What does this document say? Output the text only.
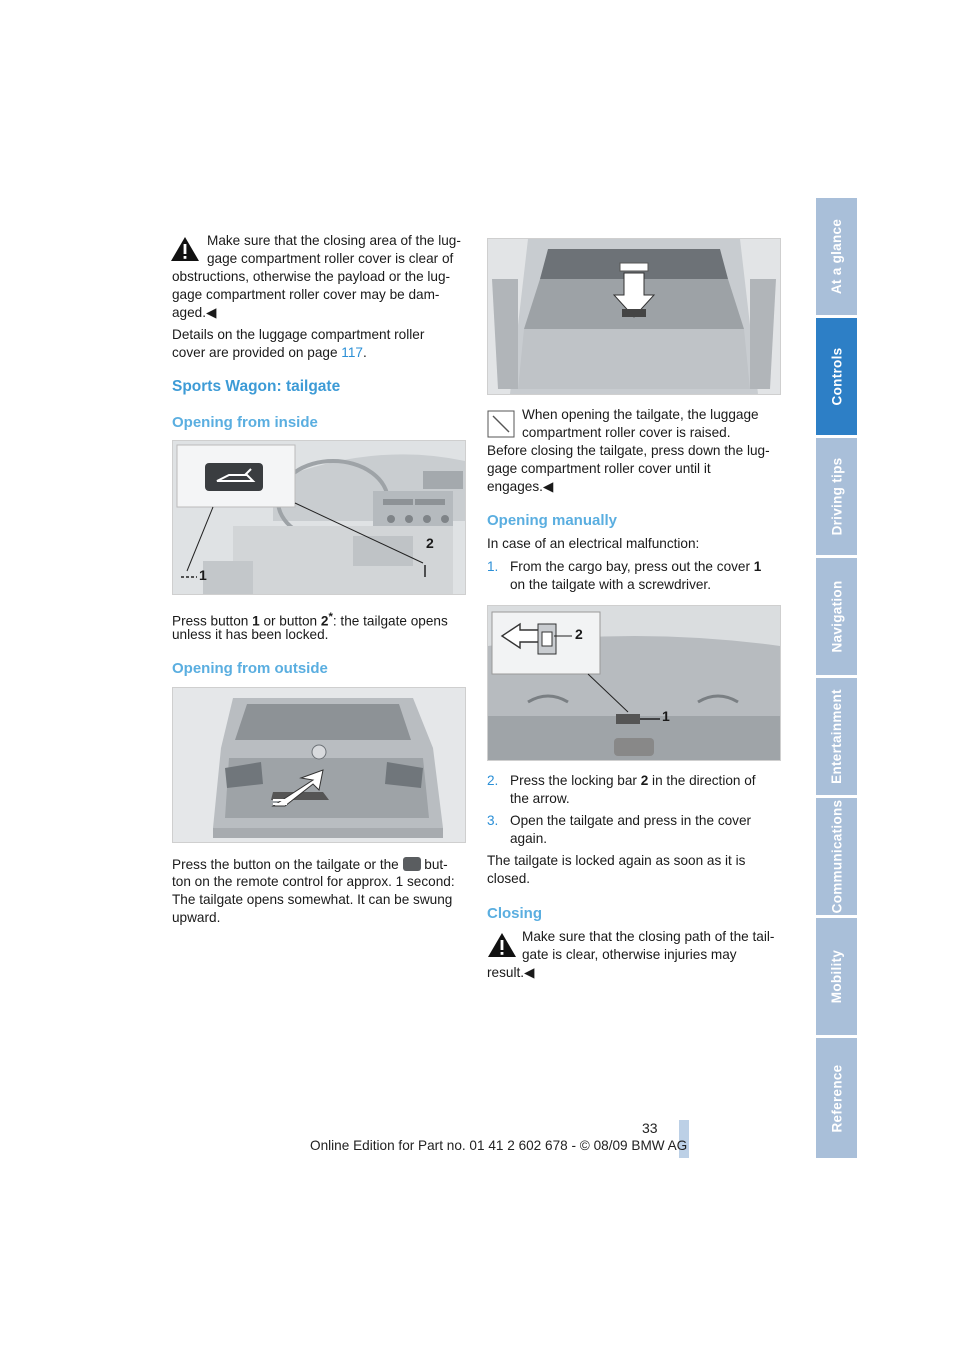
Make sure that the closing area of the lug-

gage compartment roller cover is clear of

obstructions, otherwise the payload or the lug-

gage compartment roller cover may be dam-

aged.◀

Details on the luggage compartment roller

cover are provided on page 117.

Sports Wagon: tailgate
Opening from inside
1
2

Press button 1 or button 2*: the tailgate opens

unless it has been locked.

Opening from outside

Press the button on the tailgate or the but-

ton on the remote control for approx. 1 second:

The tailgate opens somewhat. It can be swung

upward.

When opening the tailgate, the luggage

compartment roller cover is raised.

Before closing the tailgate, press down the lug-

gage compartment roller cover until it

engages.◀

Opening manually

In case of an electrical malfunction:

1. From the cargo bay, press out the cover 1

on the tailgate with a screwdriver.

1
2

2. Press the locking bar 2 in the direction of

the arrow.

3. Open the tailgate and press in the cover

again.

The tailgate is locked again as soon as it is

closed.

Closing

Make sure that the closing path of the tail-

gate is clear, otherwise injuries may

result.◀

At a glance
Controls
Driving tips
Navigation
Entertainment
Communications
Mobility
Reference
33
Online Edition for Part no. 01 41 2 602 678 - © 08/09 BMW AG
